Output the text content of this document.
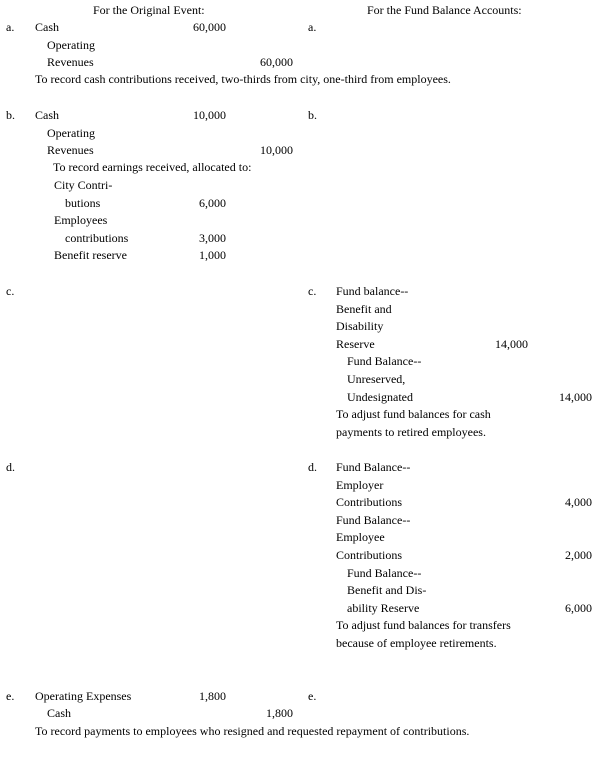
For the Original Event:	For the Fund Balance Accounts:
a. Cash	60,000	a.
Operating
Revenues	60,000
To record cash contributions received, two-thirds from city, one-third from employees.
b. Cash	10,000	b.
Operating
Revenues	10,000
To record earnings received, allocated to:
City Contri-
butions	6,000
Employees
contributions	3,000
Benefit reserve	1,000
c.	c. Fund balance--
Benefit and
Disability
Reserve	14,000
Fund Balance--
Unreserved,
Undesignated	14,000
To adjust fund balances for cash
payments to retired employees.
d.	d. Fund Balance--
Employer
Contributions	4,000
Fund Balance--
Employee
Contributions	2,000
Fund Balance--
Benefit and Dis-
ability Reserve	6,000
To adjust fund balances for transfers
because of employee retirements.
e. Operating Expenses	1,800	e.
Cash	1,800
To record payments to employees who resigned and requested repayment of contributions.
